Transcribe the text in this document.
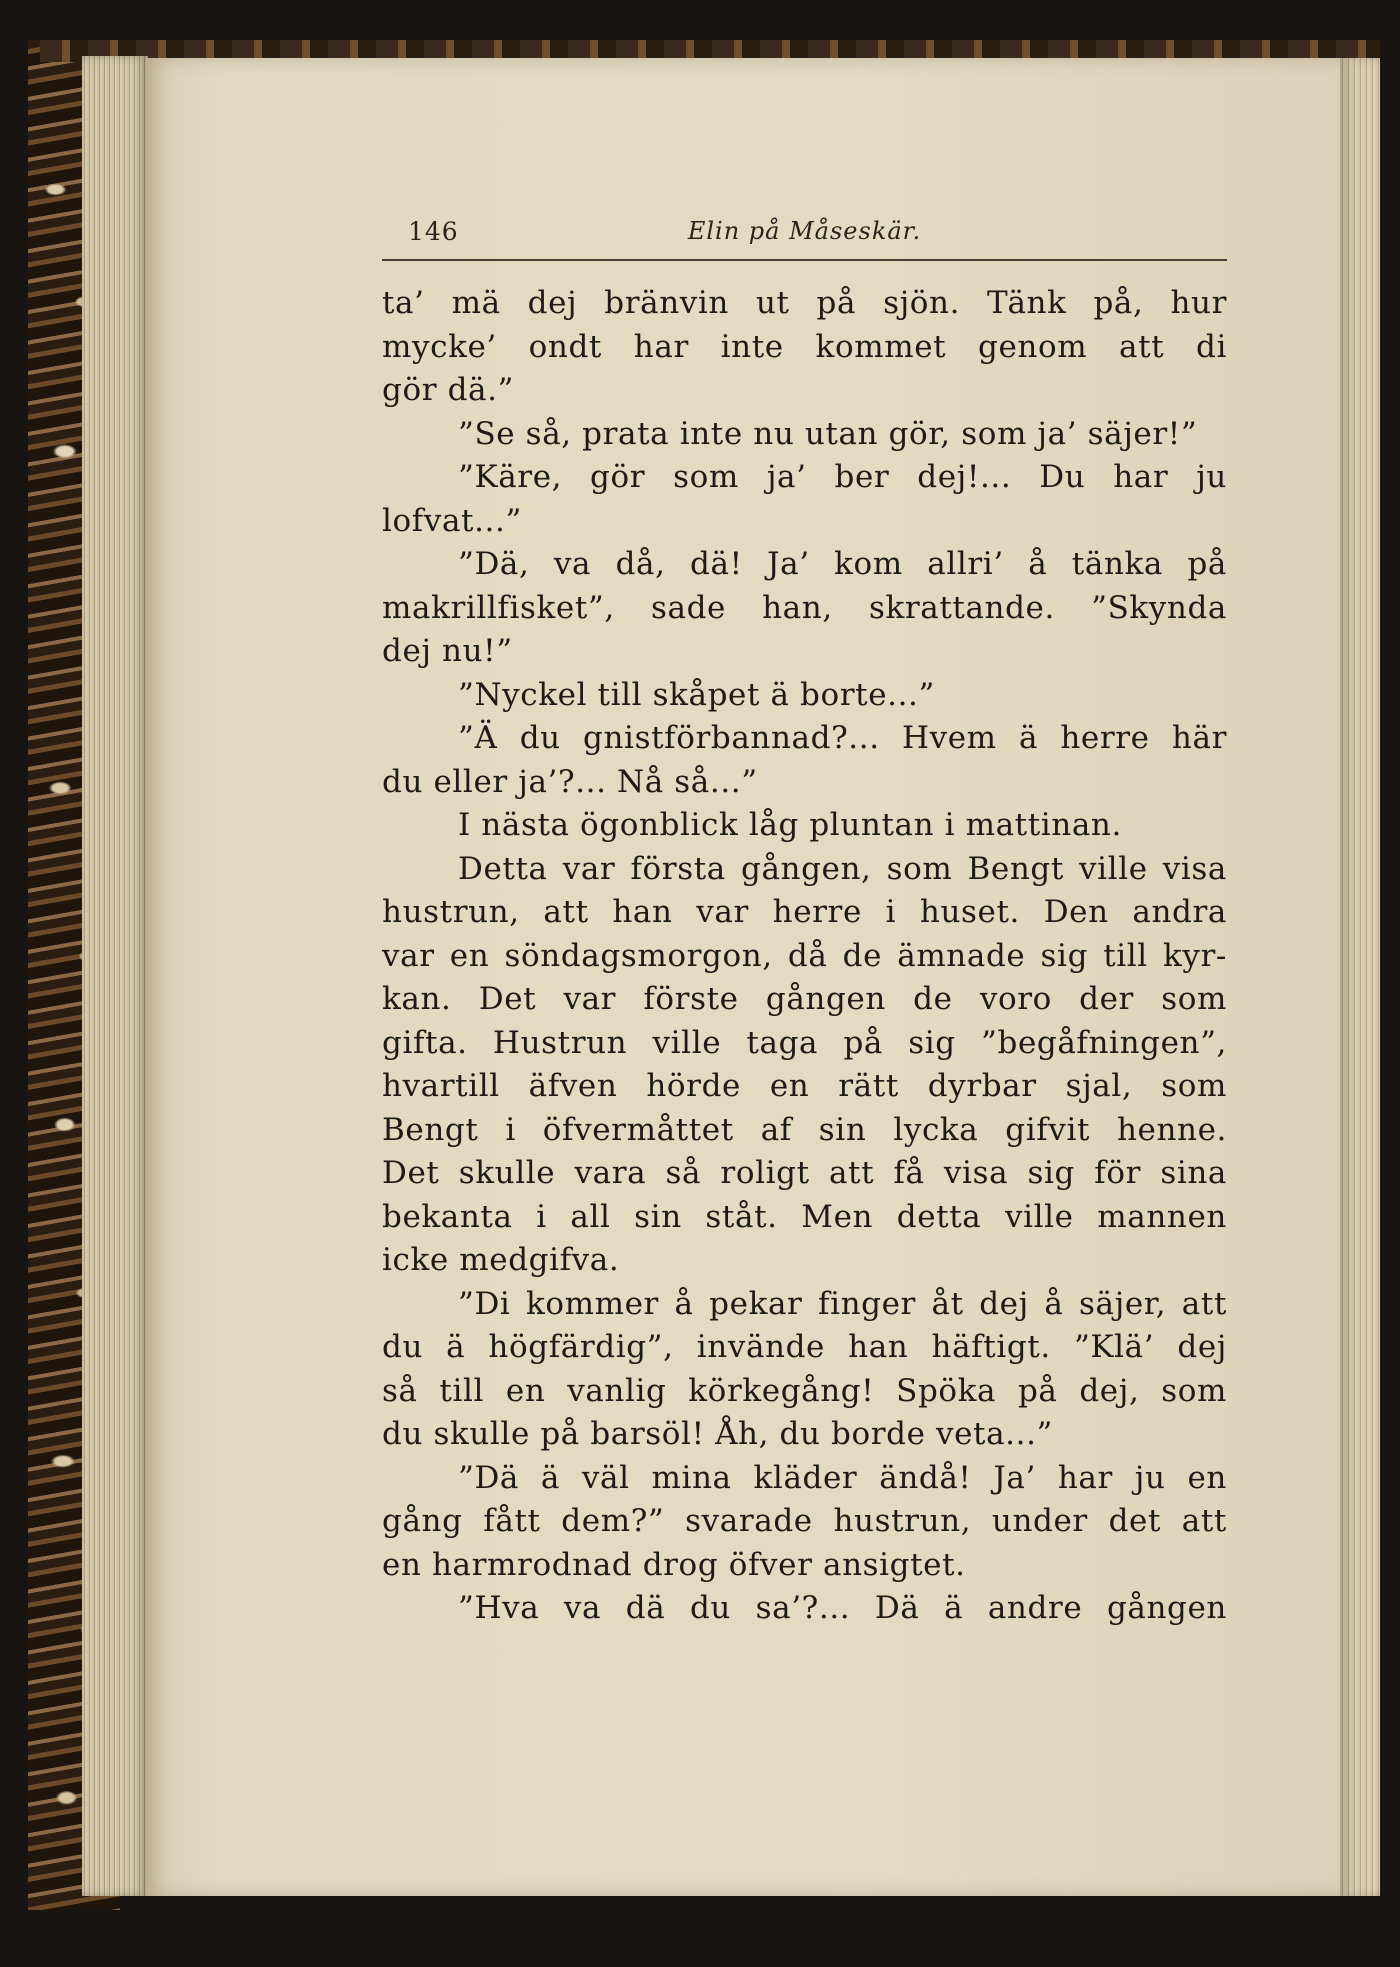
146	Elin på Måseskär.
ta’ mä dej bränvin ut på sjön. Tänk på, hur
mycke’ ondt har inte kommet genom att di
gör dä.”
”Se så, prata inte nu utan gör, som ja’ säjer!”
”Käre, gör som ja’ ber dej!... Du har ju
lofvat...”
”Dä, va då, dä! Ja’ kom allri’ å tänka på
makrillfisket”, sade han, skrattande. ”Skynda
dej nu!”
”Nyckel till skåpet ä borte...”
”Ä du gnistförbannad?... Hvem ä herre här
du eller ja’?... Nå så...”
I nästa ögonblick låg pluntan i mattinan.
Detta var första gången, som Bengt ville visa
hustrun, att han var herre i huset. Den andra
var en söndagsmorgon, då de ämnade sig till kyr-
kan. Det var förste gången de voro der som
gifta. Hustrun ville taga på sig ”begåfningen”,
hvartill äfven hörde en rätt dyrbar sjal, som
Bengt i öfvermåttet af sin lycka gifvit henne.
Det skulle vara så roligt att få visa sig för sina
bekanta i all sin ståt. Men detta ville mannen
icke medgifva.
”Di kommer å pekar finger åt dej å säjer, att
du ä högfärdig”, invände han häftigt. ”Klä’ dej
så till en vanlig körkegång! Spöka på dej, som
du skulle på barsöl! Åh, du borde veta...”
”Dä ä väl mina kläder ändå! Ja’ har ju en
gång fått dem?” svarade hustrun, under det att
en harmrodnad drog öfver ansigtet.
”Hva va dä du sa’?... Dä ä andre gången
